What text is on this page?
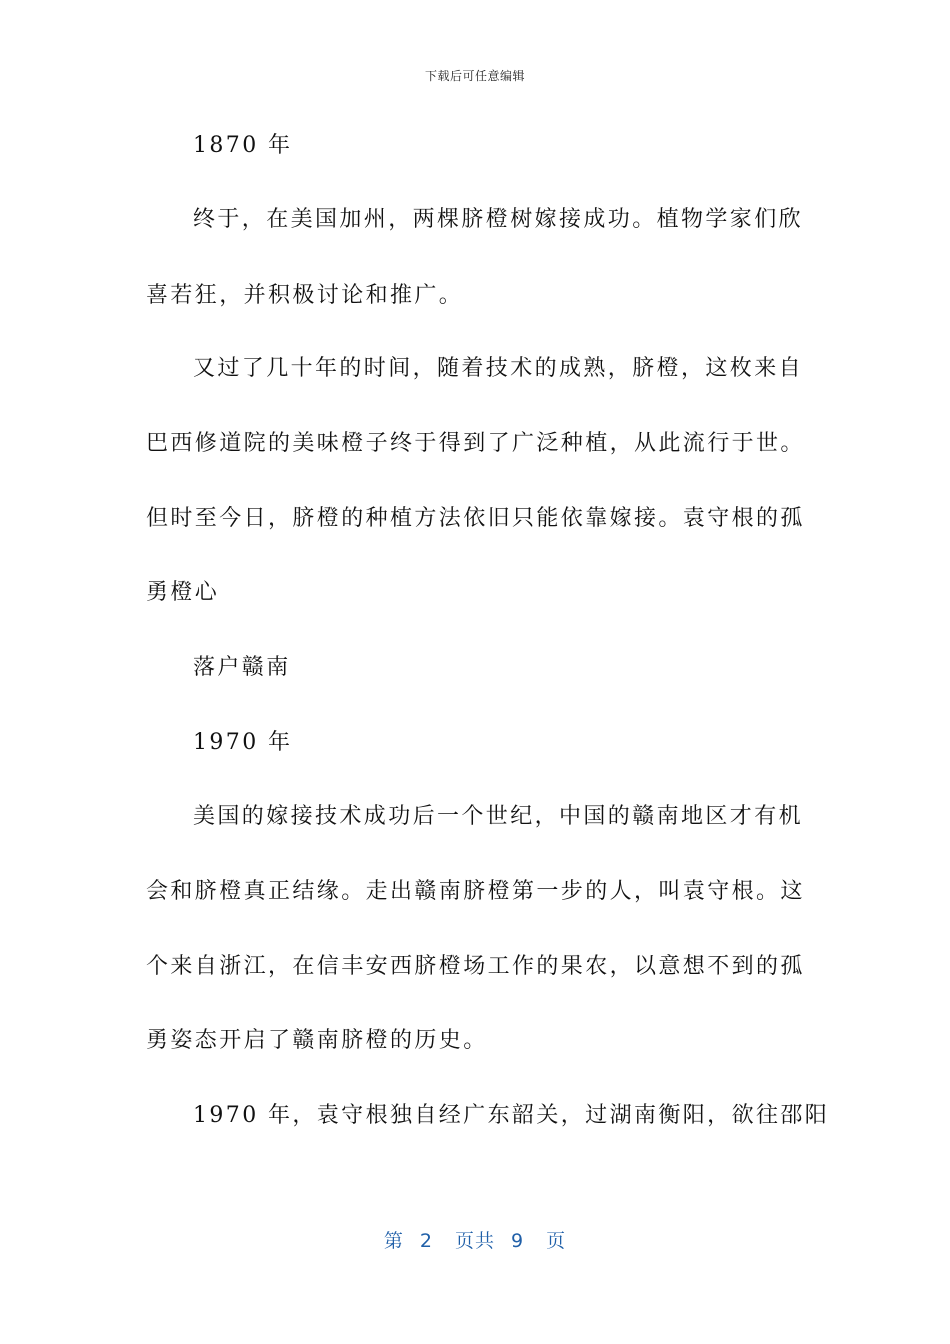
下载后可任意编辑
1870 年
终于，在美国加州，两棵脐橙树嫁接成功。植物学家们欣
喜若狂，并积极讨论和推广。
又过了几十年的时间，随着技术的成熟，脐橙，这枚来自
巴西修道院的美味橙子终于得到了广泛种植，从此流行于世。
但时至今日，脐橙的种植方法依旧只能依靠嫁接。袁守根的孤
勇橙心
落户赣南
1970 年
美国的嫁接技术成功后一个世纪，中国的赣南地区才有机
会和脐橙真正结缘。走出赣南脐橙第一步的人，叫袁守根。这
个来自浙江，在信丰安西脐橙场工作的果农，以意想不到的孤
勇姿态开启了赣南脐橙的历史。
1970 年，袁守根独自经广东韶关，过湖南衡阳，欲往邵阳
第 2 页共 9 页
